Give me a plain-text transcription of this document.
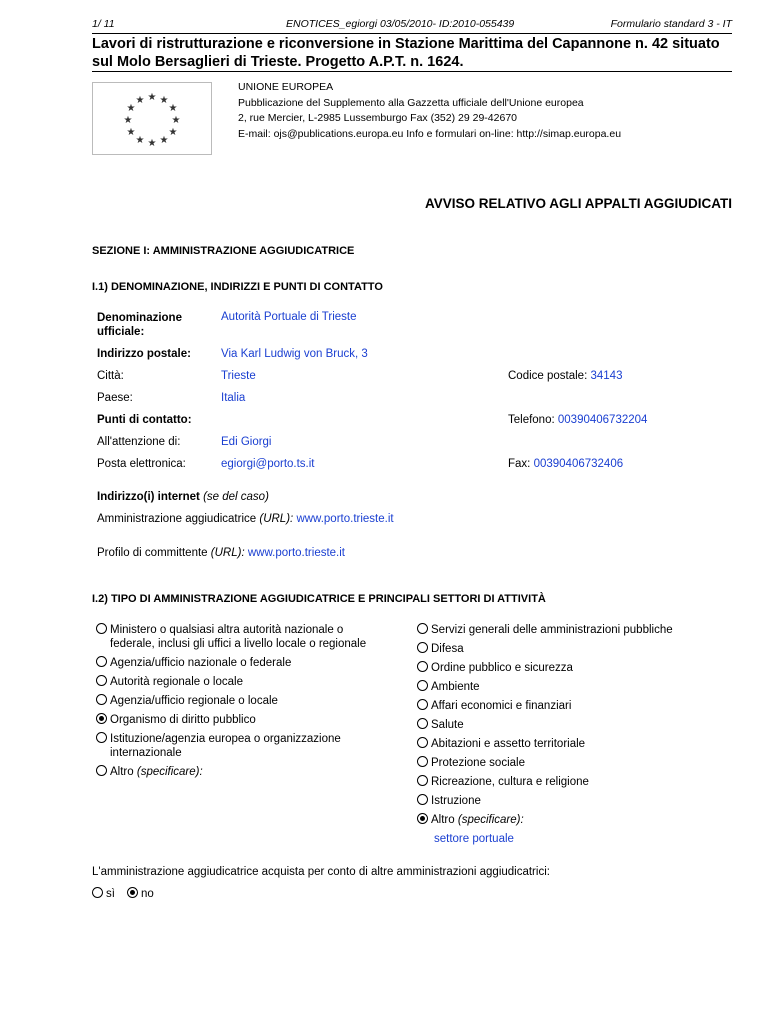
1/ 11	ENOTICES_egiorgi 03/05/2010- ID:2010-055439	Formulario standard 3 - IT
Lavori di ristrutturazione e riconversione in Stazione Marittima del Capannone n. 42 situato sul Molo Bersaglieri di Trieste. Progetto A.P.T. n. 1624.
★ ★
★
★
★
★
★
★
★
★
★
★
UNIONE EUROPEA
Pubblicazione del Supplemento alla Gazzetta ufficiale dell'Unione europea
2, rue Mercier, L-2985 Lussemburgo Fax (352) 29 29-42670
E-mail: ojs@publications.europa.eu Info e formulari on-line: http://simap.europa.eu
AVVISO RELATIVO AGLI APPALTI AGGIUDICATI
SEZIONE I: AMMINISTRAZIONE AGGIUDICATRICE
I.1) DENOMINAZIONE, INDIRIZZI E PUNTI DI CONTATTO
Denominazione
ufficiale:
Autorità Portuale di Trieste
Indirizzo postale:	Via Karl Ludwig von Bruck, 3
Città:	Trieste	Codice postale: 34143
Paese:	Italia
Punti di contatto:	Telefono: 00390406732204
All'attenzione di:	Edi Giorgi
Posta elettronica:	egiorgi@porto.ts.it	Fax: 00390406732406
Indirizzo(i) internet (se del caso)
Amministrazione aggiudicatrice (URL): www.porto.trieste.it
Profilo di committente (URL): www.porto.trieste.it
I.2) TIPO DI AMMINISTRAZIONE AGGIUDICATRICE E PRINCIPALI SETTORI DI ATTIVITÀ
Ministero o qualsiasi altra autorità nazionale o
federale, inclusi gli uffici a livello locale o regionale
Agenzia/ufficio nazionale o federale
Autorità regionale o locale
Agenzia/ufficio regionale o locale
Organismo di diritto pubblico
Istituzione/agenzia europea o organizzazione
internazionale
Altro (specificare):
Servizi generali delle amministrazioni pubbliche
Difesa
Ordine pubblico e sicurezza
Ambiente
Affari economici e finanziari
Salute
Abitazioni e assetto territoriale
Protezione sociale
Ricreazione, cultura e religione
Istruzione
Altro (specificare):
settore portuale
L'amministrazione aggiudicatrice acquista per conto di altre amministrazioni aggiudicatrici:
sì	no
